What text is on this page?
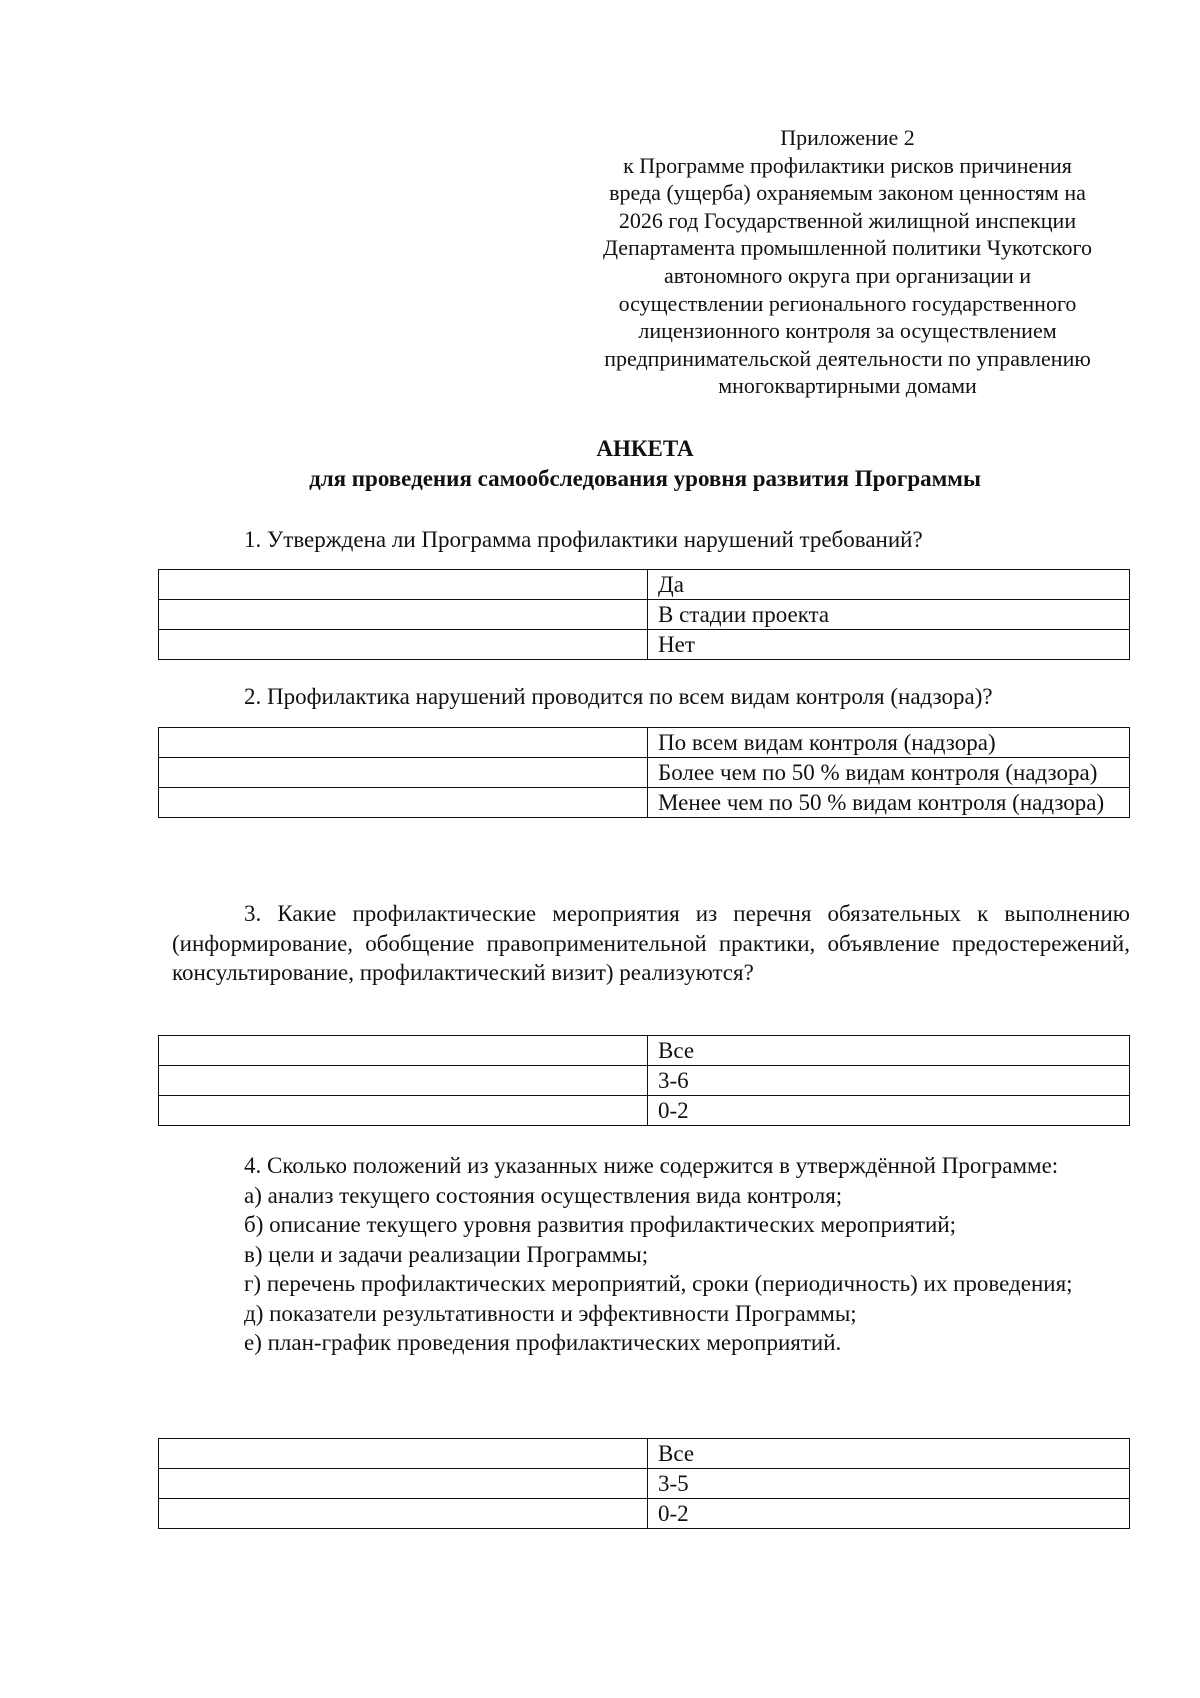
Приложение 2
к Программе профилактики рисков причинения
вреда (ущерба) охраняемым законом ценностям на
2026 год Государственной жилищной инспекции
Департамента промышленной политики Чукотского
автономного округа при организации и
осуществлении регионального государственного
лицензионного контроля за осуществлением
предпринимательской деятельности по управлению
многоквартирными домами
АНКЕТА
для проведения самообследования уровня развития Программы
1. Утверждена ли Программа профилактики нарушений требований?
	Да
	В стадии проекта
	Нет
2. Профилактика нарушений проводится по всем видам контроля (надзора)?
	По всем видам контроля (надзора)
	Более чем по 50 % видам контроля (надзора)
	Менее чем по 50 % видам контроля (надзора)
3. Какие профилактические мероприятия из перечня обязательных к выполнению (информирование, обобщение правоприменительной практики, объявление предостережений, консультирование, профилактический визит) реализуются?
	Все
	3-6
	0-2
4. Сколько положений из указанных ниже содержится в утверждённой Программе:
а) анализ текущего состояния осуществления вида контроля;
б) описание текущего уровня развития профилактических мероприятий;
в) цели и задачи реализации Программы;
г) перечень профилактических мероприятий, сроки (периодичность) их проведения;
д) показатели результативности и эффективности Программы;
е) план-график проведения профилактических мероприятий.
	Все
	3-5
	0-2
